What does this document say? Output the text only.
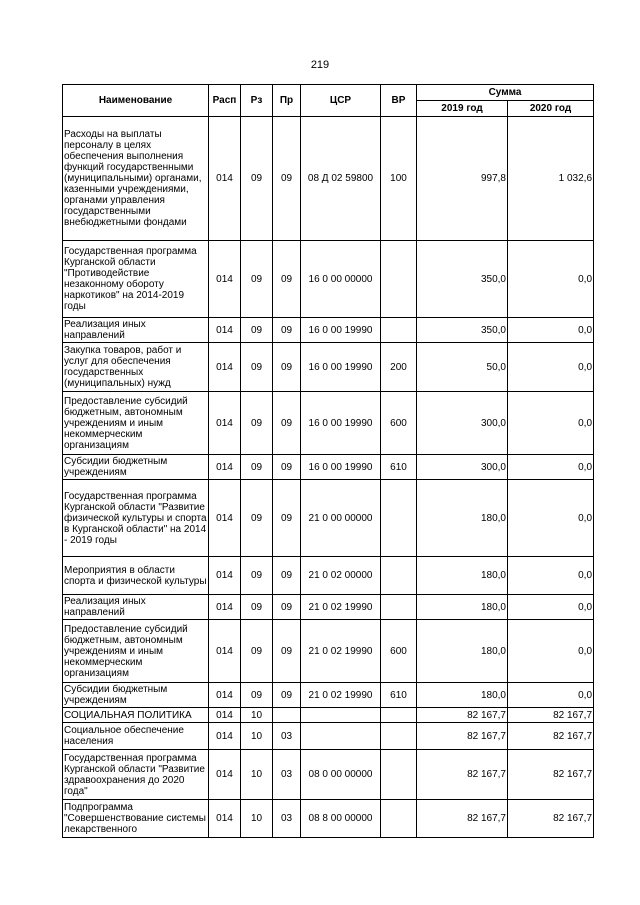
219
Наименование	Расп	Рз	Пр	ЦСР	ВР	Сумма	
						2019 год	2020 год
Расходы на выплаты персоналу в целях обеспечения выполнения функций государственными (муниципальными) органами, казенными учреждениями, органами управления государственными внебюджетными фондами	014	09	09	08 Д 02 59800	100	997,8	1 032,6
Государственная программа Курганской области "Противодействие незаконному обороту наркотиков" на 2014-2019 годы	014	09	09	16 0 00 00000		350,0	0,0
Реализация иных направлений	014	09	09	16 0 00 19990		350,0	0,0
Закупка товаров, работ и услуг для обеспечения государственных (муниципальных) нужд	014	09	09	16 0 00 19990	200	50,0	0,0
Предоставление субсидий бюджетным, автономным учреждениям и иным некоммерческим организациям	014	09	09	16 0 00 19990	600	300,0	0,0
Субсидии бюджетным учреждениям	014	09	09	16 0 00 19990	610	300,0	0,0
Государственная программа Курганской области "Развитие физической культуры и спорта в Курганской области" на 2014 - 2019 годы	014	09	09	21 0 00 00000		180,0	0,0
Мероприятия в области спорта и физической культуры	014	09	09	21 0 02 00000		180,0	0,0
Реализация иных направлений	014	09	09	21 0 02 19990		180,0	0,0
Предоставление субсидий бюджетным, автономным учреждениям и иным некоммерческим организациям	014	09	09	21 0 02 19990	600	180,0	0,0
Субсидии бюджетным учреждениям	014	09	09	21 0 02 19990	610	180,0	0,0
СОЦИАЛЬНАЯ ПОЛИТИКА	014	10				82 167,7	82 167,7
Социальное обеспечение населения	014	10	03			82 167,7	82 167,7
Государственная программа Курганской области "Развитие здравоохранения до 2020 года"	014	10	03	08 0 00 00000		82 167,7	82 167,7
Подпрограмма "Совершенствование системы лекарственного	014	10	03	08 8 00 00000		82 167,7	82 167,7
